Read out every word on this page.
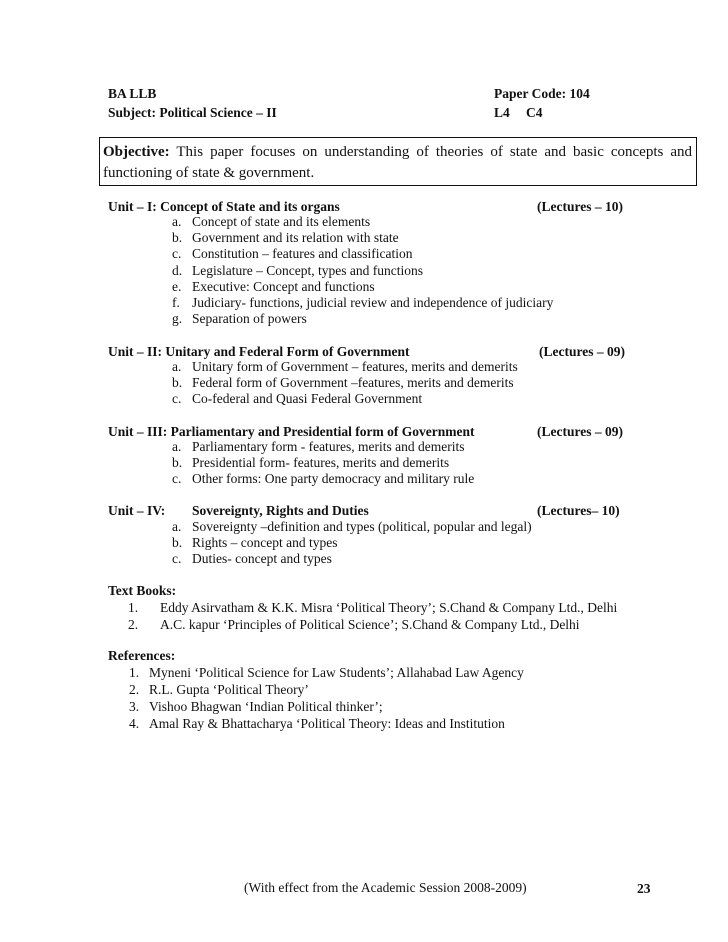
BA LLB
Subject: Political Science – II
Paper Code: 104
L4 C4
Objective: This paper focuses on understanding of theories of state and basic concepts and
functioning of state & government.
Unit – I: Concept of State and its organs	(Lectures – 10)
a. Concept of state and its elements
b. Government and its relation with state
c. Constitution – features and classification
d. Legislature – Concept, types and functions
e. Executive: Concept and functions
f. Judiciary- functions, judicial review and independence of judiciary
g. Separation of powers
Unit – II: Unitary and Federal Form of Government	(Lectures – 09)
a. Unitary form of Government – features, merits and demerits
b. Federal form of Government –features, merits and demerits
c. Co-federal and Quasi Federal Government
Unit – III: Parliamentary and Presidential form of Government	(Lectures – 09)
a. Parliamentary form - features, merits and demerits
b. Presidential form- features, merits and demerits
c. Other forms: One party democracy and military rule
Unit – IV: Sovereignty, Rights and Duties	(Lectures– 10)
a. Sovereignty –definition and types (political, popular and legal)
b. Rights – concept and types
c. Duties- concept and types
Text Books:
1. Eddy Asirvatham & K.K. Misra ‘Political Theory’; S.Chand & Company Ltd., Delhi
2. A.C. kapur ‘Principles of Political Science’; S.Chand & Company Ltd., Delhi
References:
1. Myneni ‘Political Science for Law Students’; Allahabad Law Agency
2. R.L. Gupta ‘Political Theory’
3. Vishoo Bhagwan ‘Indian Political thinker’;
4. Amal Ray & Bhattacharya ‘Political Theory: Ideas and Institution
(With effect from the Academic Session 2008-2009)	23
